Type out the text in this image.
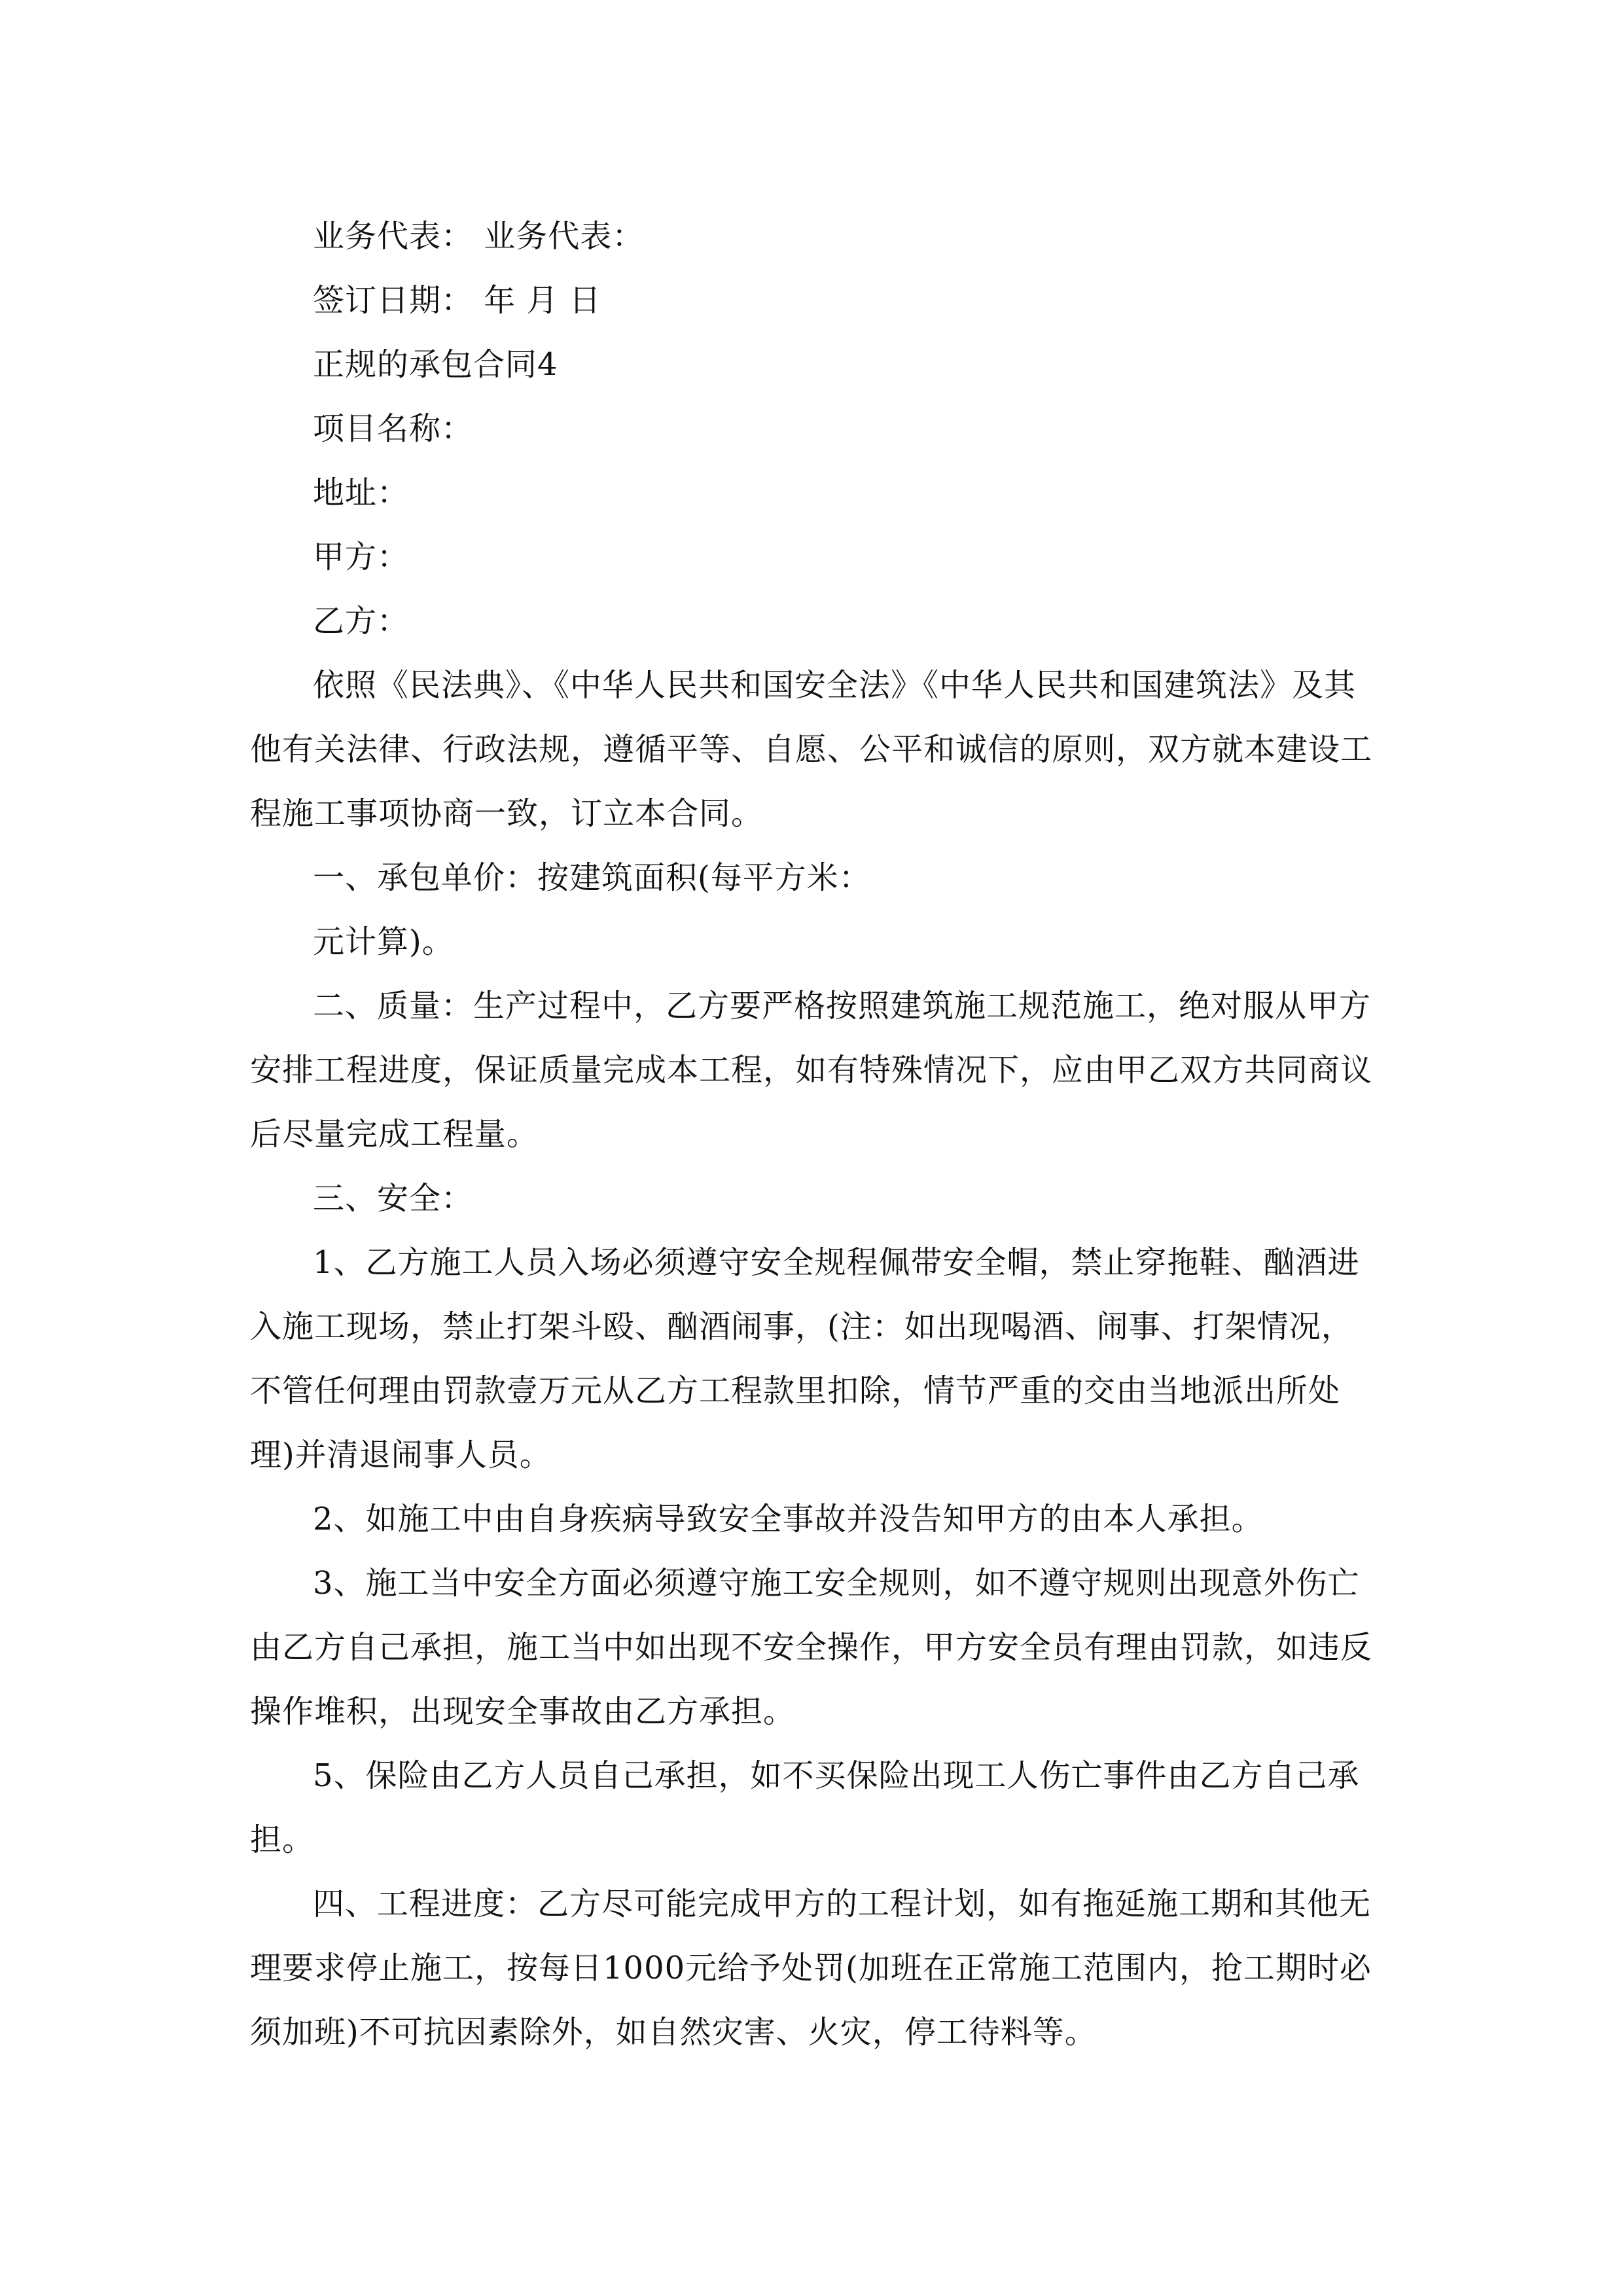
业务代表： 业务代表：

签订日期： 年 月 日

正规的承包合同4

项目名称：

地址：

甲方：

乙方：

依照《民法典》、《中华人民共和国安全法》《中华人民共和国建筑法》及其他有关法律、行政法规，遵循平等、自愿、公平和诚信的原则，双方就本建设工程施工事项协商一致，订立本合同。

一、承包单价：按建筑面积(每平方米：

元计算)。

二、质量：生产过程中，乙方要严格按照建筑施工规范施工，绝对服从甲方安排工程进度，保证质量完成本工程，如有特殊情况下，应由甲乙双方共同商议后尽量完成工程量。

三、安全：

1、乙方施工人员入场必须遵守安全规程佩带安全帽，禁止穿拖鞋、酗酒进入施工现场，禁止打架斗殴、酗酒闹事，(注：如出现喝酒、闹事、打架情况，不管任何理由罚款壹万元从乙方工程款里扣除，情节严重的交由当地派出所处理)并清退闹事人员。

2、如施工中由自身疾病导致安全事故并没告知甲方的由本人承担。

3、施工当中安全方面必须遵守施工安全规则，如不遵守规则出现意外伤亡由乙方自己承担，施工当中如出现不安全操作，甲方安全员有理由罚款，如违反操作堆积，出现安全事故由乙方承担。

5、保险由乙方人员自己承担，如不买保险出现工人伤亡事件由乙方自己承担。

四、工程进度：乙方尽可能完成甲方的工程计划，如有拖延施工期和其他无理要求停止施工，按每日1000元给予处罚(加班在正常施工范围内，抢工期时必须加班)不可抗因素除外，如自然灾害、火灾，停工待料等。
